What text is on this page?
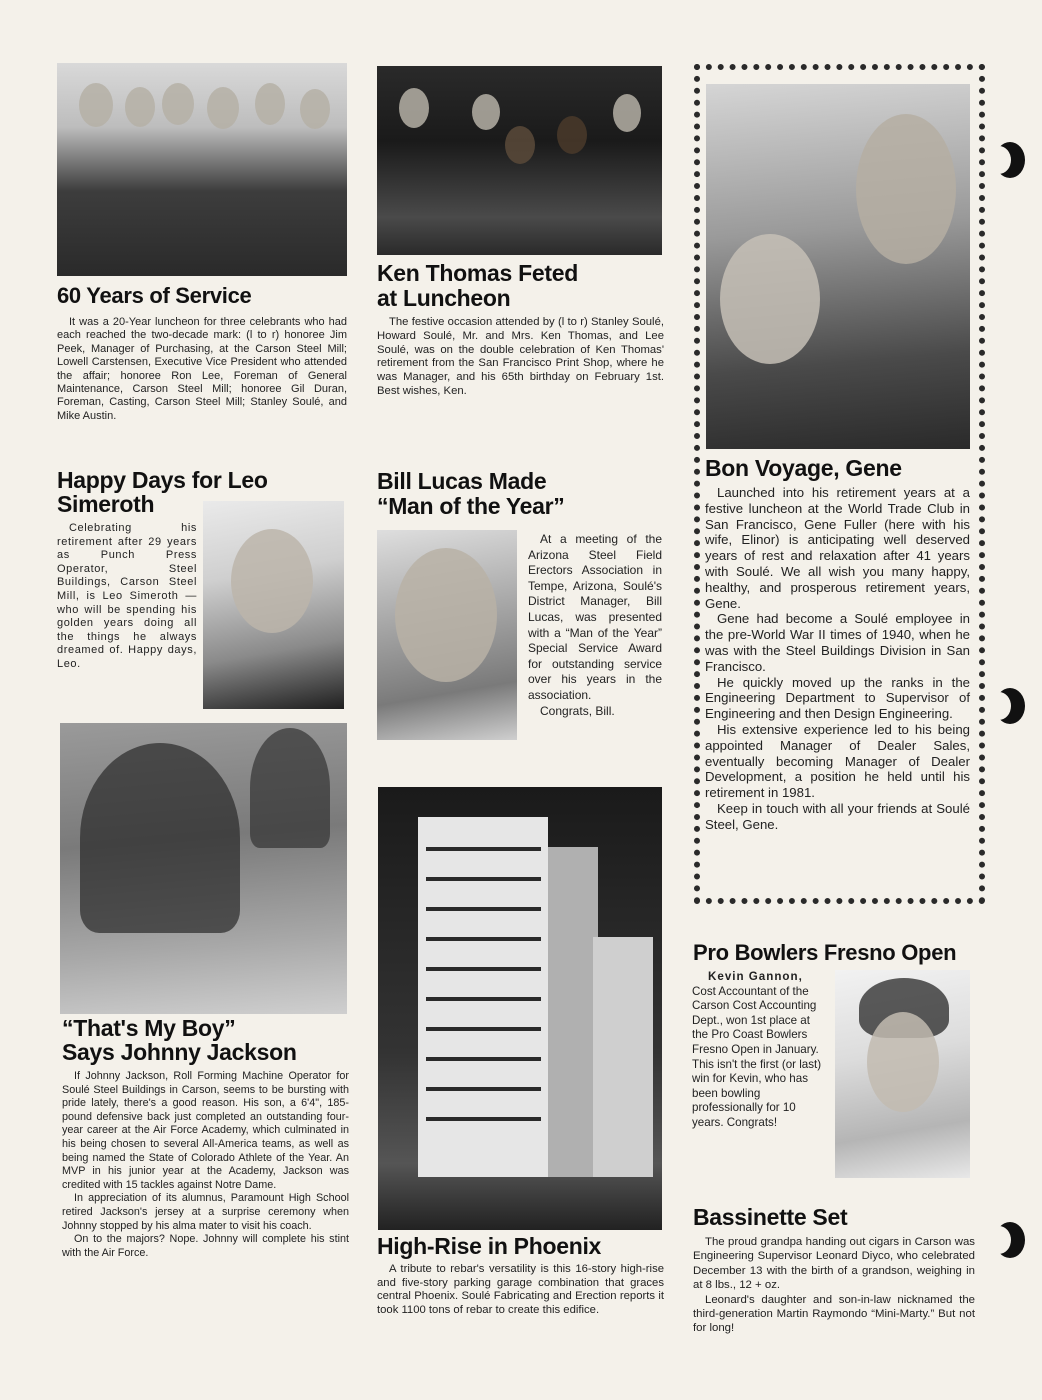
60 Years of Service

It was a 20-Year luncheon for three celebrants who had each reached the two-decade mark: (l to r) honoree Jim Peek, Manager of Purchasing, at the Carson Steel Mill; Lowell Carstensen, Executive Vice President who attended the affair; honoree Ron Lee, Foreman of General Maintenance, Carson Steel Mill; honoree Gil Duran, Foreman, Casting, Carson Steel Mill; Stanley Soulé, and Mike Austin.

Happy Days for Leo
Simeroth

Celebrating his retirement after 29 years as Punch Press Operator, Steel Buildings, Carson Steel Mill, is Leo Simeroth — who will be spending his golden years doing all the things he always dreamed of. Happy days, Leo.

“That's My Boy”
Says Johnny Jackson

If Johnny Jackson, Roll Forming Machine Operator for Soulé Steel Buildings in Carson, seems to be bursting with pride lately, there's a good reason. His son, a 6'4", 185-pound defensive back just completed an outstanding four-year career at the Air Force Academy, which culminated in his being chosen to several All-America teams, as well as being named the State of Colorado Athlete of the Year. An MVP in his junior year at the Academy, Jackson was credited with 15 tackles against Notre Dame.

In appreciation of its alumnus, Paramount High School retired Jackson's jersey at a surprise ceremony when Johnny stopped by his alma mater to visit his coach.

On to the majors? Nope. Johnny will complete his stint with the Air Force.

Ken Thomas Feted
at Luncheon

The festive occasion attended by (l to r) Stanley Soulé, Howard Soulé, Mr. and Mrs. Ken Thomas, and Lee Soulé, was on the double celebration of Ken Thomas' retirement from the San Francisco Print Shop, where he was Manager, and his 65th birthday on February 1st. Best wishes, Ken.

Bill Lucas Made
“Man of the Year”

At a meeting of the Arizona Steel Field Erectors Association in Tempe, Arizona, Soulé's District Manager, Bill Lucas, was presented with a “Man of the Year” Special Service Award for outstanding service over his years in the association.

Congrats, Bill.

High-Rise in Phoenix

A tribute to rebar's versatility is this 16-story high-rise and five-story parking garage combination that graces central Phoenix. Soulé Fabricating and Erection reports it took 1100 tons of rebar to create this edifice.

Bon Voyage, Gene

Launched into his retirement years at a festive luncheon at the World Trade Club in San Francisco, Gene Fuller (here with his wife, Elinor) is anticipating well deserved years of rest and relaxation after 41 years with Soulé. We all wish you many happy, healthy, and prosperous retirement years, Gene.

Gene had become a Soulé employee in the pre-World War II times of 1940, when he was with the Steel Buildings Division in San Francisco.

He quickly moved up the ranks in the Engineering Department to Supervisor of Engineering and then Design Engineering.

His extensive experience led to his being appointed Manager of Dealer Sales, eventually becoming Manager of Dealer Development, a position he held until his retirement in 1981.

Keep in touch with all your friends at Soulé Steel, Gene.

Pro Bowlers Fresno Open
Kevin Gannon,
Cost Accountant of the Carson Cost Accounting Dept., won 1st place at the Pro Coast Bowlers Fresno Open in January. This isn't the first (or last) win for Kevin, who has been bowling professionally for 10 years. Congrats!
Bassinette Set

The proud grandpa handing out cigars in Carson was Engineering Supervisor Leonard Diyco, who celebrated December 13 with the birth of a grandson, weighing in at 8 lbs., 12 + oz.

Leonard's daughter and son-in-law nicknamed the third-generation Martin Raymondo “Mini-Marty.” But not for long!
